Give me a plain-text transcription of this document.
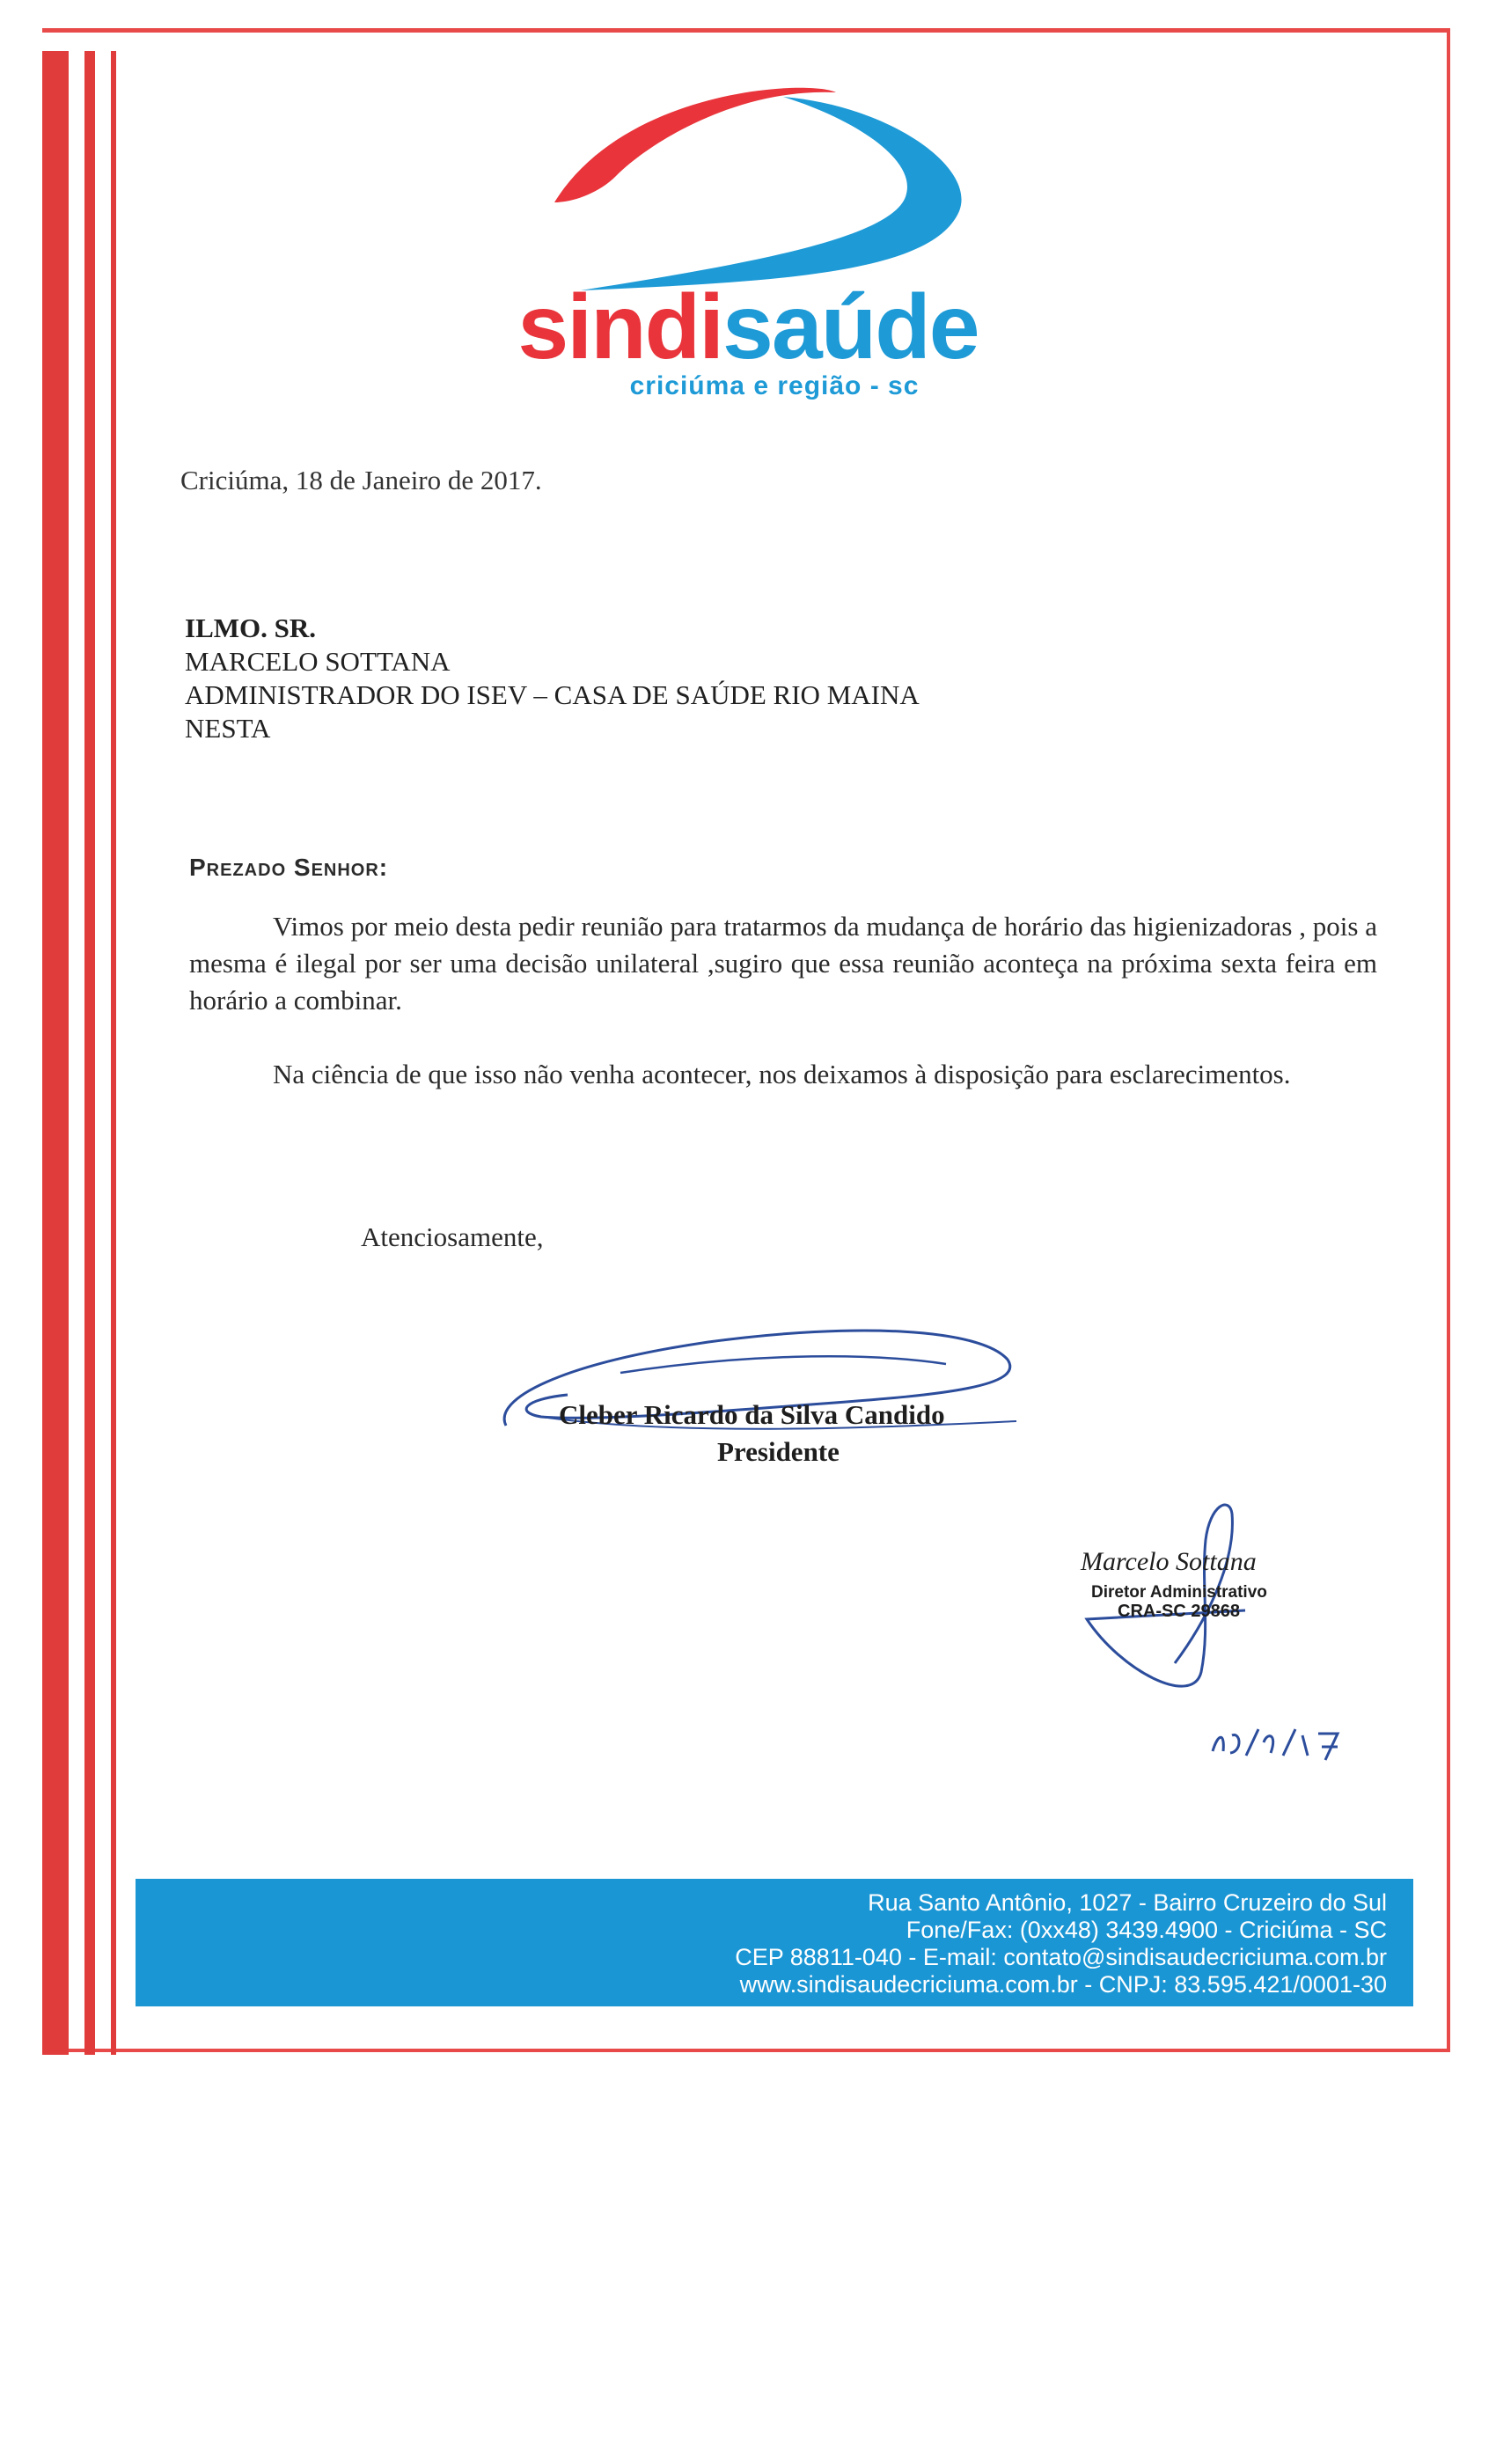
sindisaúde
criciúma e região - sc
Criciúma, 18 de Janeiro de 2017.
ILMO. SR.
MARCELO SOTTANA
ADMINISTRADOR DO ISEV – CASA DE SAÚDE RIO MAINA
NESTA
Prezado Senhor:

Vimos por meio desta pedir reunião para tratarmos da mudança de horário das higienizadoras , pois a mesma é ilegal por ser uma decisão unilateral ,sugiro que essa reunião aconteça na próxima sexta feira em horário a combinar.

Na ciência de que isso não venha acontecer, nos deixamos à disposição para esclarecimentos.

Atenciosamente,
Cleber Ricardo da Silva Candido
Presidente
Marcelo Sottana
Diretor Administrativo
CRA-SC 29868
Rua Santo Antônio, 1027 - Bairro Cruzeiro do Sul
Fone/Fax: (0xx48) 3439.4900 - Criciúma - SC
CEP 88811-040 - E-mail: contato@sindisaudecriciuma.com.br
www.sindisaudecriciuma.com.br - CNPJ: 83.595.421/0001-30
